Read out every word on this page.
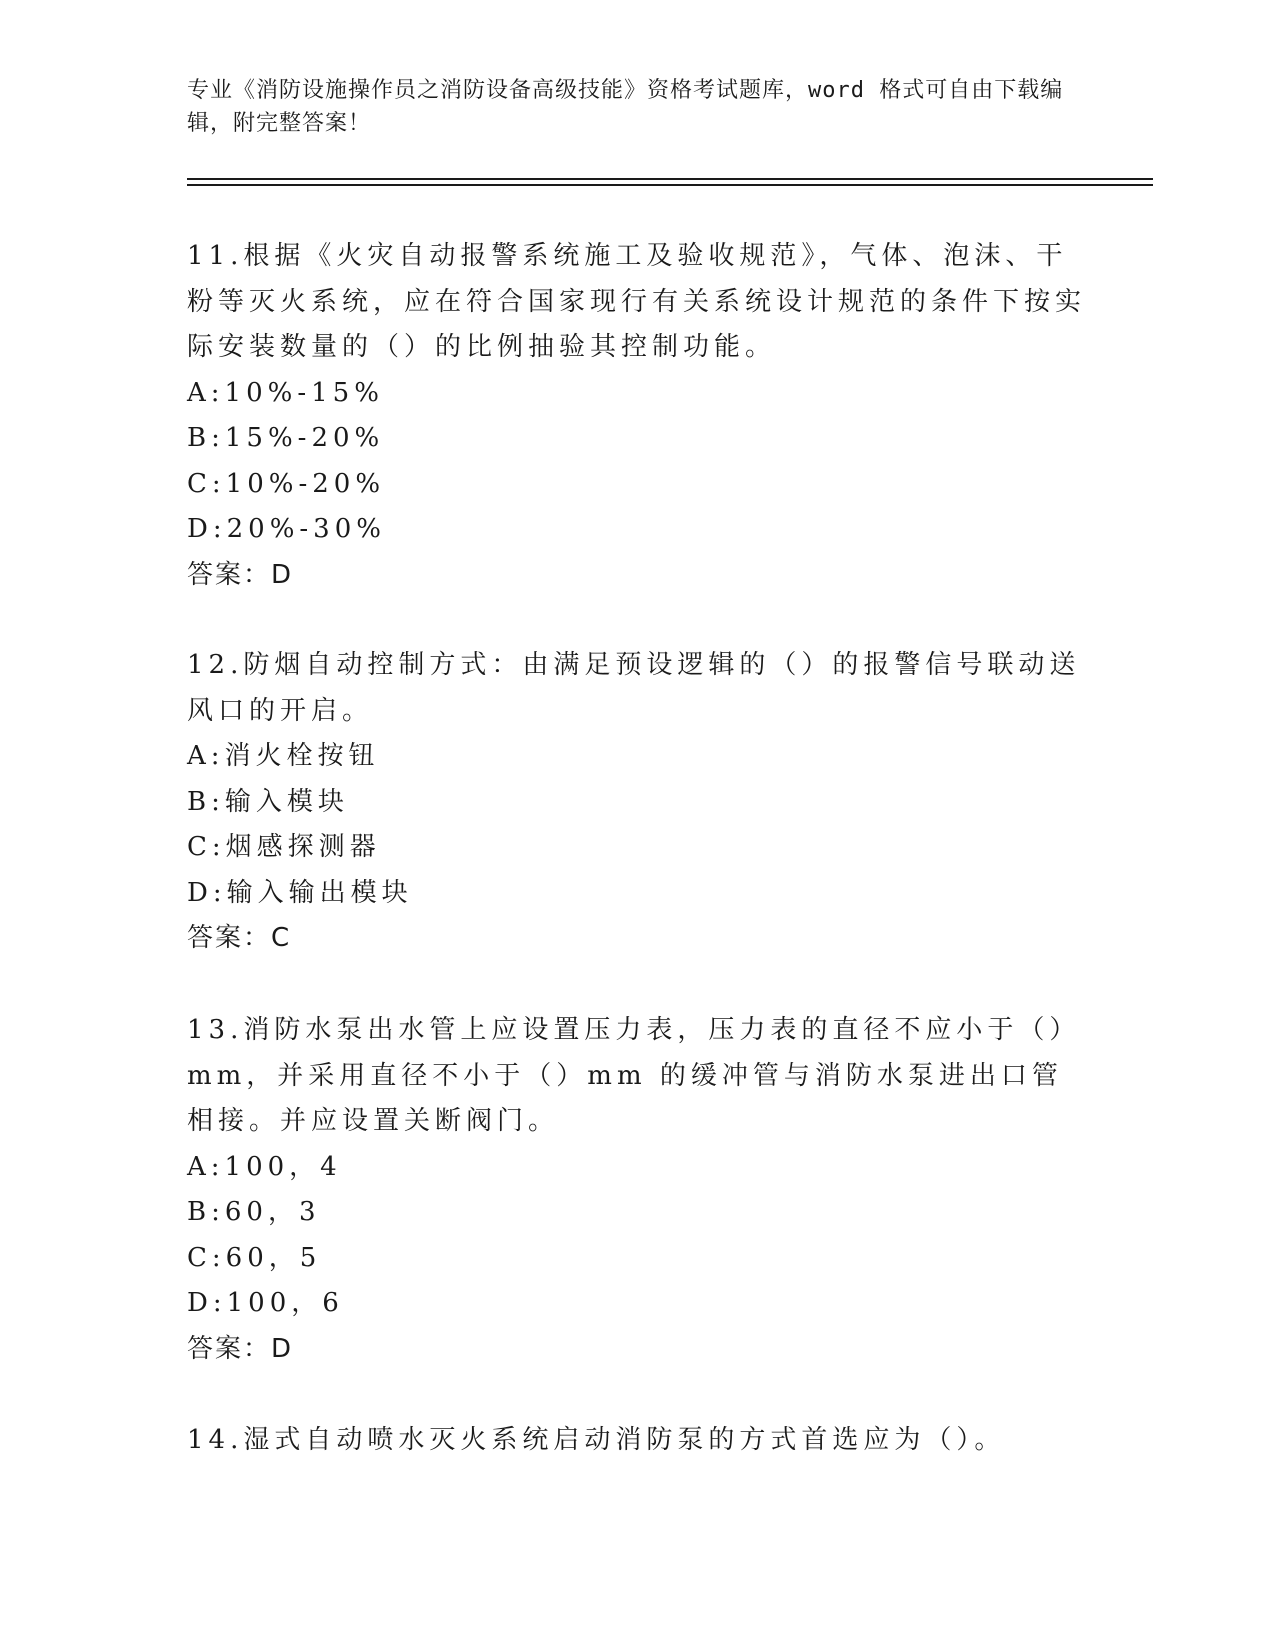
专业《消防设施操作员之消防设备高级技能》资格考试题库，word 格式可自由下载编辑，附完整答案！
11.根据《火灾自动报警系统施工及验收规范》，气体、泡沫、干粉等灭火系统，应在符合国家现行有关系统设计规范的条件下按实际安装数量的（）的比例抽验其控制功能。
A:10%-15%
B:15%-20%
C:10%-20%
D:20%-30%
答案：D
12.防烟自动控制方式：由满足预设逻辑的（）的报警信号联动送风口的开启。
A:消火栓按钮
B:输入模块
C:烟感探测器
D:输入输出模块
答案：C
13.消防水泵出水管上应设置压力表，压力表的直径不应小于（）mm，并采用直径不小于（）mm 的缓冲管与消防水泵进出口管相接。并应设置关断阀门。
A:100，4
B:60，3
C:60，5
D:100，6
答案：D
14.湿式自动喷水灭火系统启动消防泵的方式首选应为（）。
